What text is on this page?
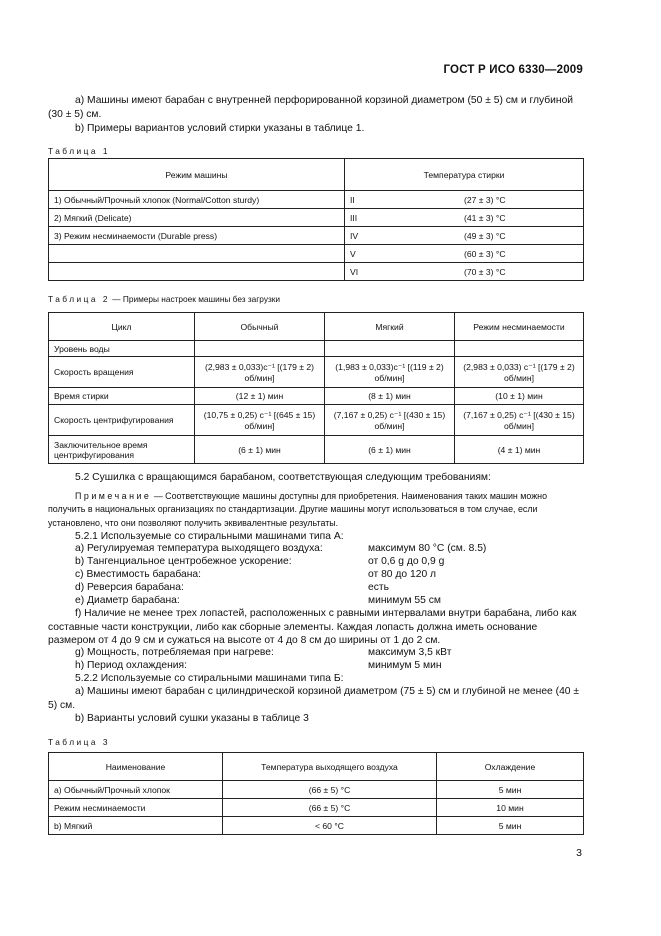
ГОСТ Р ИСО 6330—2009
а) Машины имеют барабан с внутренней перфорированной корзиной диаметром (50 ± 5) см и глубиной (30 ± 5) см.
b) Примеры вариантов условий стирки указаны в таблице 1.
Таблица 1
Режим машины	Температура стирки	
1) Обычный/Прочный хлопок (Normal/Cotton sturdy)	II	(27 ± 3) °C
2) Мягкий (Delicate)	III	(41 ± 3) °C
3) Режим несминаемости (Durable press)	IV	(49 ± 3) °C
	V	(60 ± 3) °C
	VI	(70 ± 3) °C
Таблица 2 — Примеры настроек машины без загрузки
Цикл	Обычный	Мягкий	Режим несминаемости
Уровень воды			
Скорость вращения	(2,983 ± 0,033)с⁻¹ [(179 ± 2) об/мин]	(1,983 ± 0,033)с⁻¹ [(119 ± 2) об/мин]	(2,983 ± 0,033) с⁻¹ [(179 ± 2) об/мин]
Время стирки	(12 ± 1) мин	(8 ± 1) мин	(10 ± 1) мин
Скорость центрифугирования	(10,75 ± 0,25) с⁻¹ [(645 ± 15) об/мин]	(7,167 ± 0,25) с⁻¹ [(430 ± 15) об/мин]	(7,167 ± 0,25) с⁻¹ [(430 ± 15) об/мин]
Заключительное время центрифугирования	(6 ± 1) мин	(6 ± 1) мин	(4 ± 1) мин
5.2 Сушилка с вращающимся барабаном, соответствующая следующим требованиям:
Примечание — Соответствующие машины доступны для приобретения. Наименования таких машин можно получить в национальных организациях по стандартизации. Другие машины могут использоваться в том случае, если установлено, что они позволяют получить эквивалентные результаты.
5.2.1 Используемые со стиральными машинами типа А:
а) Регулируемая температура выходящего воздуха:	максимум 80 °C (см. 8.5)
b) Тангенциальное центробежное ускорение:	от 0,6 g до 0,9 g
c) Вместимость барабана:	от 80 до 120 л
d) Реверсия барабана:	есть
e) Диаметр барабана:	минимум 55 см
f) Наличие не менее трех лопастей, расположенных с равными интервалами внутри барабана, либо как составные части конструкции, либо как сборные элементы. Каждая лопасть должна иметь основание размером от 4 до 9 см и сужаться на высоте от 4 до 8 см до ширины от 1 до 2 см.
g) Мощность, потребляемая при нагреве:	максимум 3,5 кВт
h) Период охлаждения:	минимум 5 мин
5.2.2 Используемые со стиральными машинами типа Б:
а) Машины имеют барабан с цилиндрической корзиной диаметром (75 ± 5) см и глубиной не менее (40 ± 5) см.
b) Варианты условий сушки указаны в таблице 3
Таблица 3
Наименование	Температура выходящего воздуха	Охлаждение
а) Обычный/Прочный хлопок	(66 ± 5) °C	5 мин
Режим несминаемости	(66 ± 5) °C	10 мин
b) Мягкий	< 60 °C	5 мин
3
